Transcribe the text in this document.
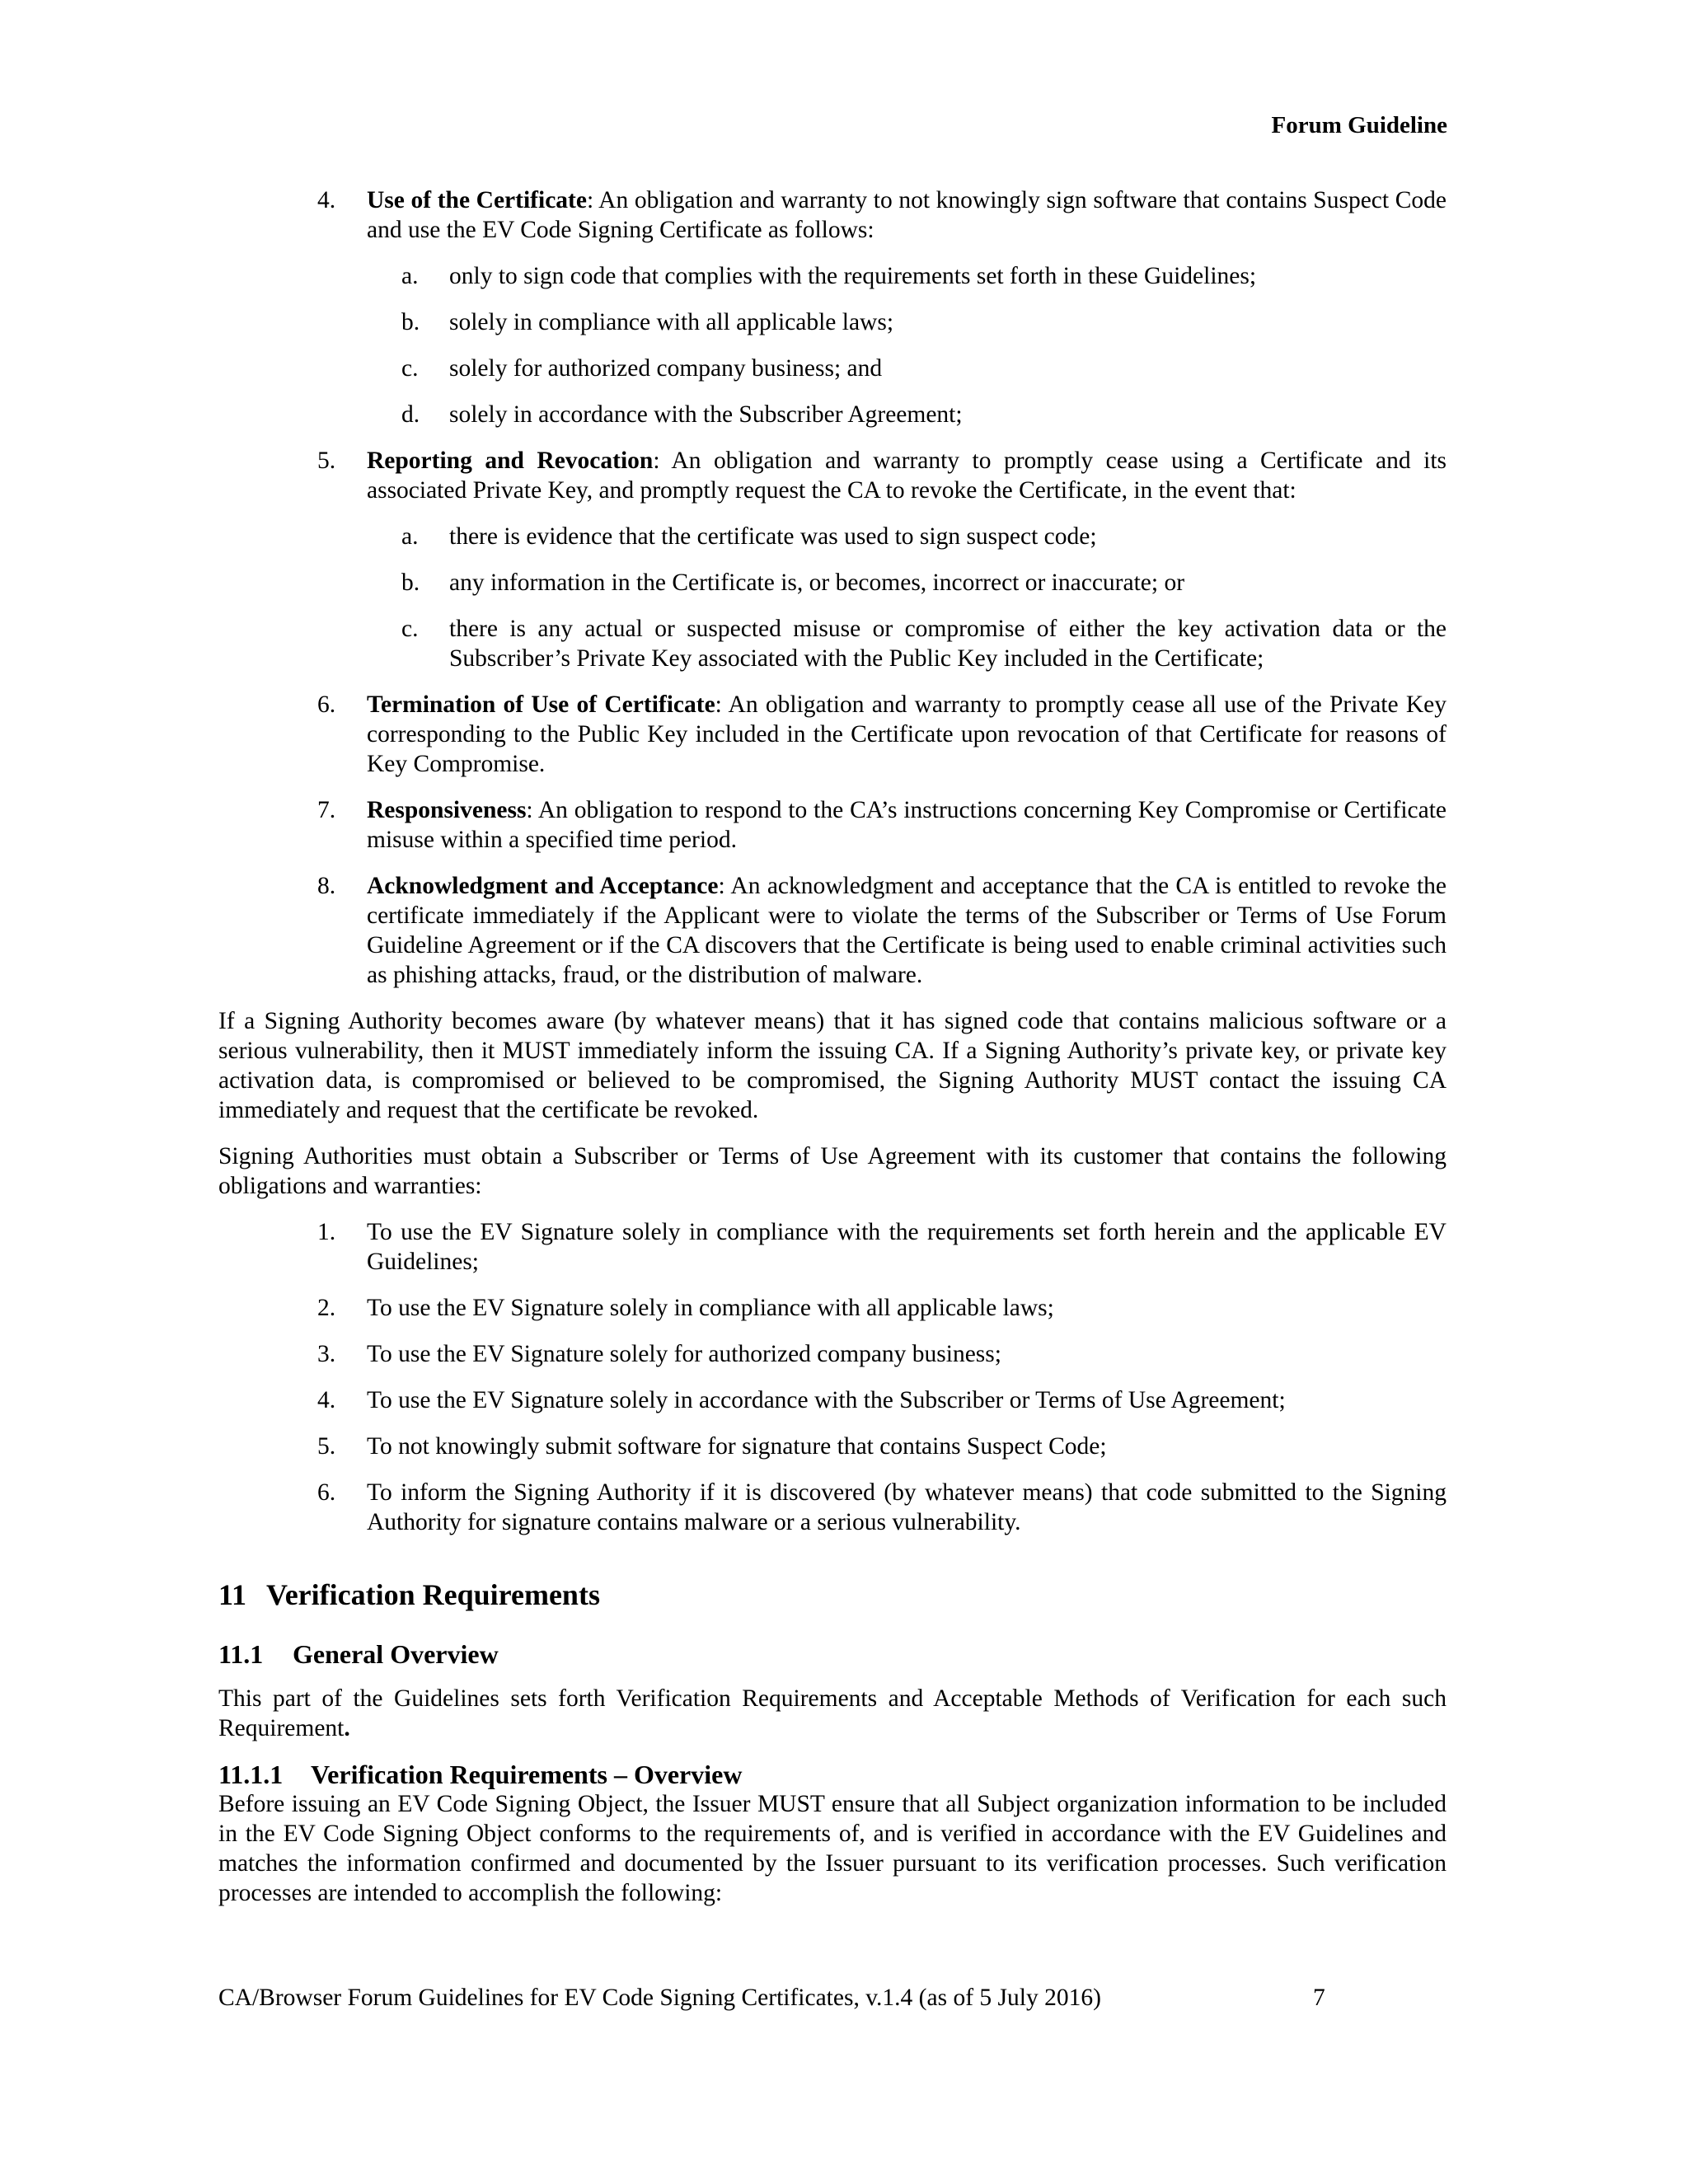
Forum Guideline
4. Use of the Certificate: An obligation and warranty to not knowingly sign software that contains Suspect Code and use the EV Code Signing Certificate as follows:
a. only to sign code that complies with the requirements set forth in these Guidelines;
b. solely in compliance with all applicable laws;
c. solely for authorized company business; and
d. solely in accordance with the Subscriber Agreement;
5. Reporting and Revocation: An obligation and warranty to promptly cease using a Certificate and its associated Private Key, and promptly request the CA to revoke the Certificate, in the event that:
a. there is evidence that the certificate was used to sign suspect code;
b. any information in the Certificate is, or becomes, incorrect or inaccurate; or
c. there is any actual or suspected misuse or compromise of either the key activation data or the Subscriber’s Private Key associated with the Public Key included in the Certificate;
6. Termination of Use of Certificate: An obligation and warranty to promptly cease all use of the Private Key corresponding to the Public Key included in the Certificate upon revocation of that Certificate for reasons of Key Compromise.
7. Responsiveness: An obligation to respond to the CA’s instructions concerning Key Compromise or Certificate misuse within a specified time period.
8. Acknowledgment and Acceptance: An acknowledgment and acceptance that the CA is entitled to revoke the certificate immediately if the Applicant were to violate the terms of the Subscriber or Terms of Use Forum Guideline Agreement or if the CA discovers that the Certificate is being used to enable criminal activities such as phishing attacks, fraud, or the distribution of malware.

If a Signing Authority becomes aware (by whatever means) that it has signed code that contains malicious software or a serious vulnerability, then it MUST immediately inform the issuing CA. If a Signing Authority’s private key, or private key activation data, is compromised or believed to be compromised, the Signing Authority MUST contact the issuing CA immediately and request that the certificate be revoked.

Signing Authorities must obtain a Subscriber or Terms of Use Agreement with its customer that contains the following obligations and warranties:

1. To use the EV Signature solely in compliance with the requirements set forth herein and the applicable EV Guidelines;
2. To use the EV Signature solely in compliance with all applicable laws;
3. To use the EV Signature solely for authorized company business;
4. To use the EV Signature solely in accordance with the Subscriber or Terms of Use Agreement;
5. To not knowingly submit software for signature that contains Suspect Code;
6. To inform the Signing Authority if it is discovered (by whatever means) that code submitted to the Signing Authority for signature contains malware or a serious vulnerability.
11 Verification Requirements
11.1 General Overview

This part of the Guidelines sets forth Verification Requirements and Acceptable Methods of Verification for each such Requirement.

11.1.1 Verification Requirements – Overview

Before issuing an EV Code Signing Object, the Issuer MUST ensure that all Subject organization information to be included in the EV Code Signing Object conforms to the requirements of, and is verified in accordance with the EV Guidelines and matches the information confirmed and documented by the Issuer pursuant to its verification processes. Such verification processes are intended to accomplish the following:

CA/Browser Forum Guidelines for EV Code Signing Certificates, v.1.4 (as of 5 July 2016)	7
